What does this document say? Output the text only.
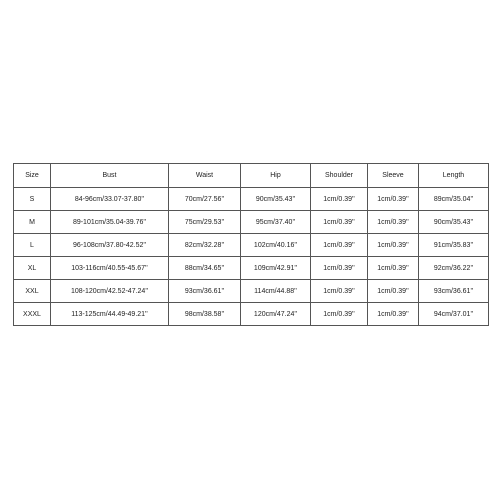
Size	Bust	Waist	Hip	Shoulder	Sleeve	Length
S	84-96cm/33.07-37.80''	70cm/27.56''	90cm/35.43''	1cm/0.39''	1cm/0.39''	89cm/35.04''
M	89-101cm/35.04-39.76''	75cm/29.53''	95cm/37.40''	1cm/0.39''	1cm/0.39''	90cm/35.43''
L	96-108cm/37.80-42.52''	82cm/32.28''	102cm/40.16''	1cm/0.39''	1cm/0.39''	91cm/35.83''
XL	103-116cm/40.55-45.67''	88cm/34.65''	109cm/42.91''	1cm/0.39''	1cm/0.39''	92cm/36.22''
XXL	108-120cm/42.52-47.24''	93cm/36.61''	114cm/44.88''	1cm/0.39''	1cm/0.39''	93cm/36.61''
XXXL	113-125cm/44.49-49.21''	98cm/38.58''	120cm/47.24''	1cm/0.39''	1cm/0.39''	94cm/37.01''
